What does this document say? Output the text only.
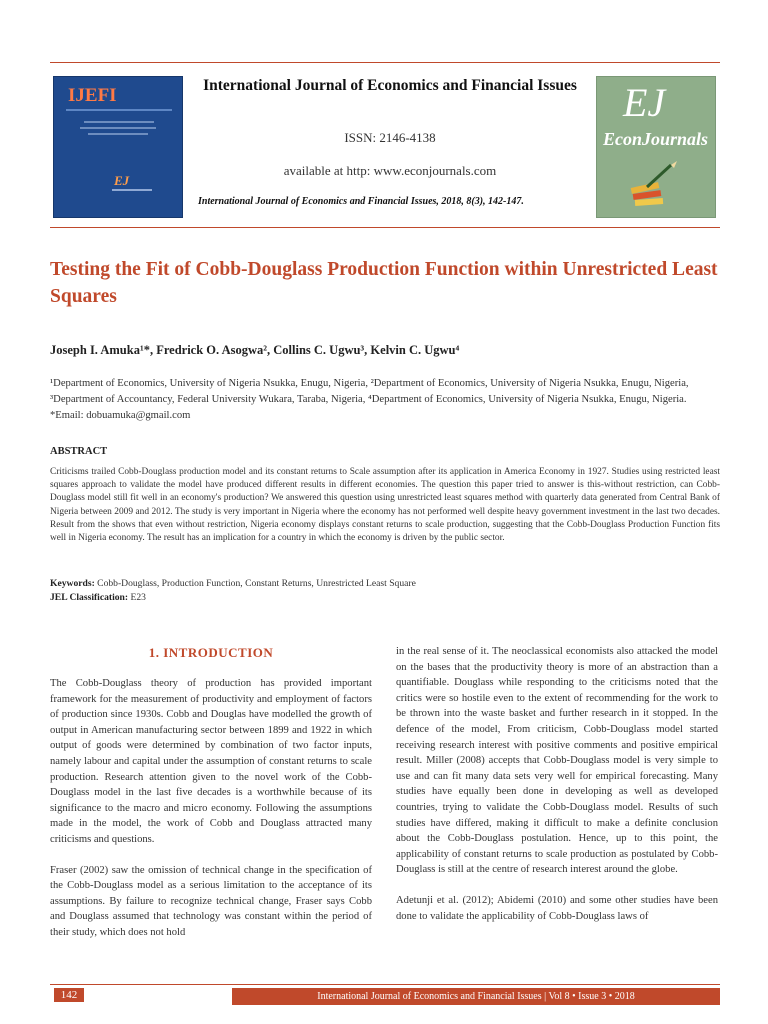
IJEFI
EJ
International Journal of Economics and Financial Issues
ISSN: 2146-4138
available at http: www.econjournals.com
EJ
EconJournals
International Journal of Economics and Financial Issues, 2018, 8(3), 142-147.
Testing the Fit of Cobb-Douglass Production Function within Unrestricted Least Squares
Joseph I. Amuka¹*, Fredrick O. Asogwa², Collins C. Ugwu³, Kelvin C. Ugwu⁴
¹Department of Economics, University of Nigeria Nsukka, Enugu, Nigeria, ²Department of Economics, University of Nigeria Nsukka, Enugu, Nigeria, ³Department of Accountancy, Federal University Wukara, Taraba, Nigeria, ⁴Department of Economics, University of Nigeria Nsukka, Enugu, Nigeria. *Email: dobuamuka@gmail.com
ABSTRACT
Criticisms trailed Cobb-Douglass production model and its constant returns to Scale assumption after its application in America Economy in 1927. Studies using restricted least squares approach to validate the model have produced different results in different economies. The question this paper tried to answer is this-without restriction, can Cobb-Douglass model still fit well in an economy's production? We answered this question using unrestricted least squares method with quarterly data generated from Central Bank of Nigeria between 2009 and 2012. The study is very important in Nigeria where the economy has not performed well despite heavy government investment in the last two decades. Result from the shows that even without restriction, Nigeria economy displays constant returns to scale production, suggesting that the Cobb-Douglass Production Function fits well in Nigeria economy. The result has an implication for a country in which the economy is driven by the public sector.
Keywords: Cobb-Douglass, Production Function, Constant Returns, Unrestricted Least Square
JEL Classification: E23
1. INTRODUCTION

The Cobb-Douglass theory of production has provided important framework for the measurement of productivity and employment of factors of production since 1930s. Cobb and Douglas have modelled the growth of output in American manufacturing sector between 1899 and 1922 in which output of goods were determined by combination of two factor inputs, namely labour and capital under the assumption of constant returns to scale production. Research attention given to the novel work of the Cobb-Douglass model in the last five decades is a worthwhile because of its significance to the macro and micro economy. Following the assumptions made in the model, the work of Cobb and Douglass attracted many criticisms and questions.

Fraser (2002) saw the omission of technical change in the specification of the Cobb-Douglass model as a serious limitation to the acceptance of its assumptions. By failure to recognize technical change, Fraser says Cobb and Douglass assumed that technology was constant within the period of their study, which does not hold

in the real sense of it. The neoclassical economists also attacked the model on the bases that the productivity theory is more of an abstraction than a quantifiable. Douglass while responding to the criticisms noted that the critics were so hostile even to the extent of recommending for the work to be thrown into the waste basket and further research in it stopped. In the defence of the model, From criticism, Cobb-Douglass model started receiving research interest with positive comments and positive empirical result. Miller (2008) accepts that Cobb-Douglass model is very simple to use and can fit many data sets very well for empirical forecasting. Many studies have equally been done in developing as well as developed countries, trying to validate the Cobb-Douglass model. Results of such studies have differed, making it difficult to make a definite conclusion about the Cobb-Douglass postulation. Hence, up to this point, the applicability of constant returns to scale production as postulated by Cobb-Douglass is still at the centre of research interest around the globe.

Adetunji et al. (2012); Abidemi (2010) and some other studies have been done to validate the applicability of Cobb-Douglass laws of

142	International Journal of Economics and Financial Issues | Vol 8 • Issue 3 • 2018
